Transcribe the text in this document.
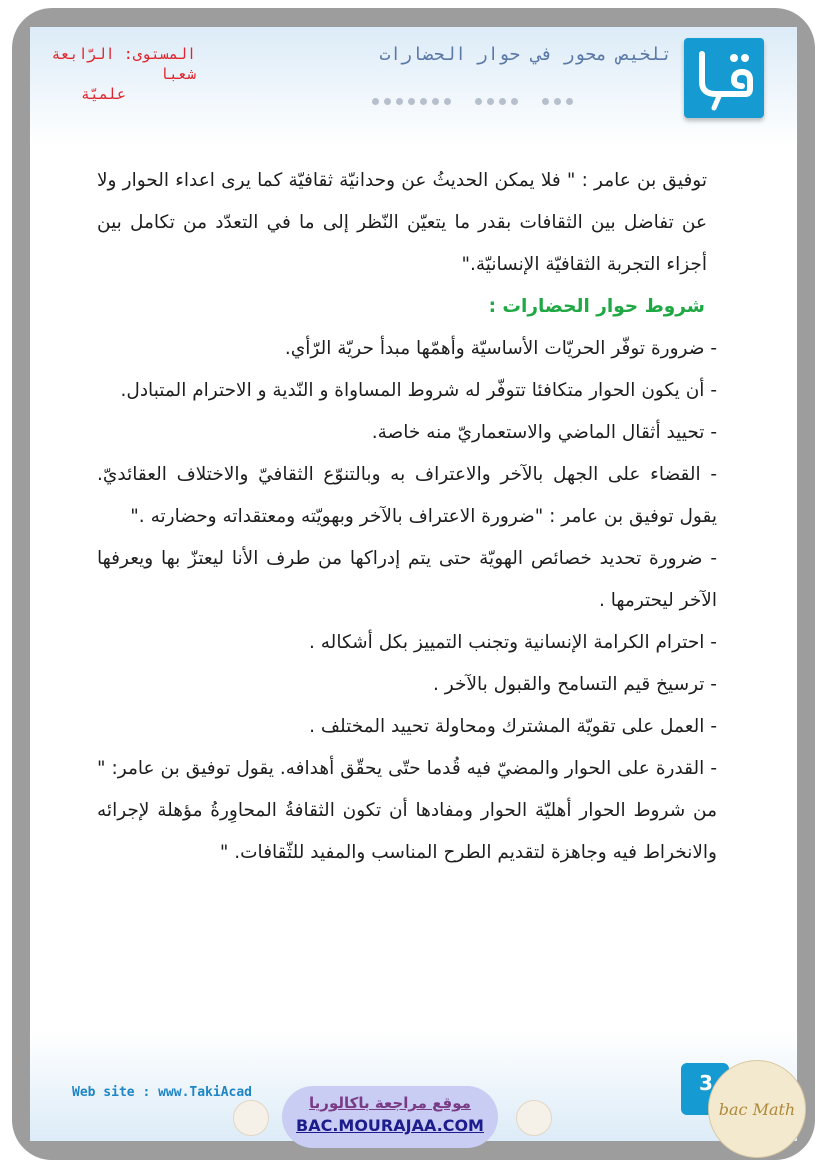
المستوى: الرّابعة شعبا
علميّة
تلخيص محور في حوار الحضارات

توفيق بن عامر : " فلا يمكن الحديثُ عن وحدانيّة ثقافيّة كما يرى اعداء الحوار ولا عن تفاضل بين الثقافات بقدر ما يتعيّن النّظر إلى ما في التعدّد من تكامل بين أجزاء التجربة الثقافيّة الإنسانيّة."

شروط حوار الحضارات :

- ضرورة توفّر الحريّات الأساسيّة وأهمّها مبدأ حريّة الرّأي.

- أن يكون الحوار متكافئا تتوفّر له شروط المساواة و النّدية و الاحترام المتبادل.

- تحييد أثقال الماضي والاستعماريّ منه خاصة.

- القضاء على الجهل بالآخر والاعتراف به وبالتنوّع الثقافيّ والاختلاف العقائديّ. يقول توفيق بن عامر : "ضرورة الاعتراف بالآخر وبهويّته ومعتقداته وحضارته ."

- ضرورة تحديد خصائص الهويّة حتى يتم إدراكها من طرف الأنا ليعتزّ بها ويعرفها الآخر ليحترمها .

- احترام الكرامة الإنسانية وتجنب التمييز بكل أشكاله .

- ترسيخ قيم التسامح والقبول بالآخر .

- العمل على تقويّة المشترك ومحاولة تحييد المختلف .

- القدرة على الحوار والمضيّ فيه قُدما حتّى يحقّق أهدافه. يقول توفيق بن عامر: " من شروط الحوار أهليّة الحوار ومفادها أن تكون الثقافةُ المحاوِرةُ مؤهلة لإجرائه والانخراط فيه وجاهزة لتقديم الطرح المناسب والمفيد للثّقافات. "

Web site : www.TakiAcad	3
bac Math
موقع مراجعة باكالوريا
BAC.MOURAJAA.COM
